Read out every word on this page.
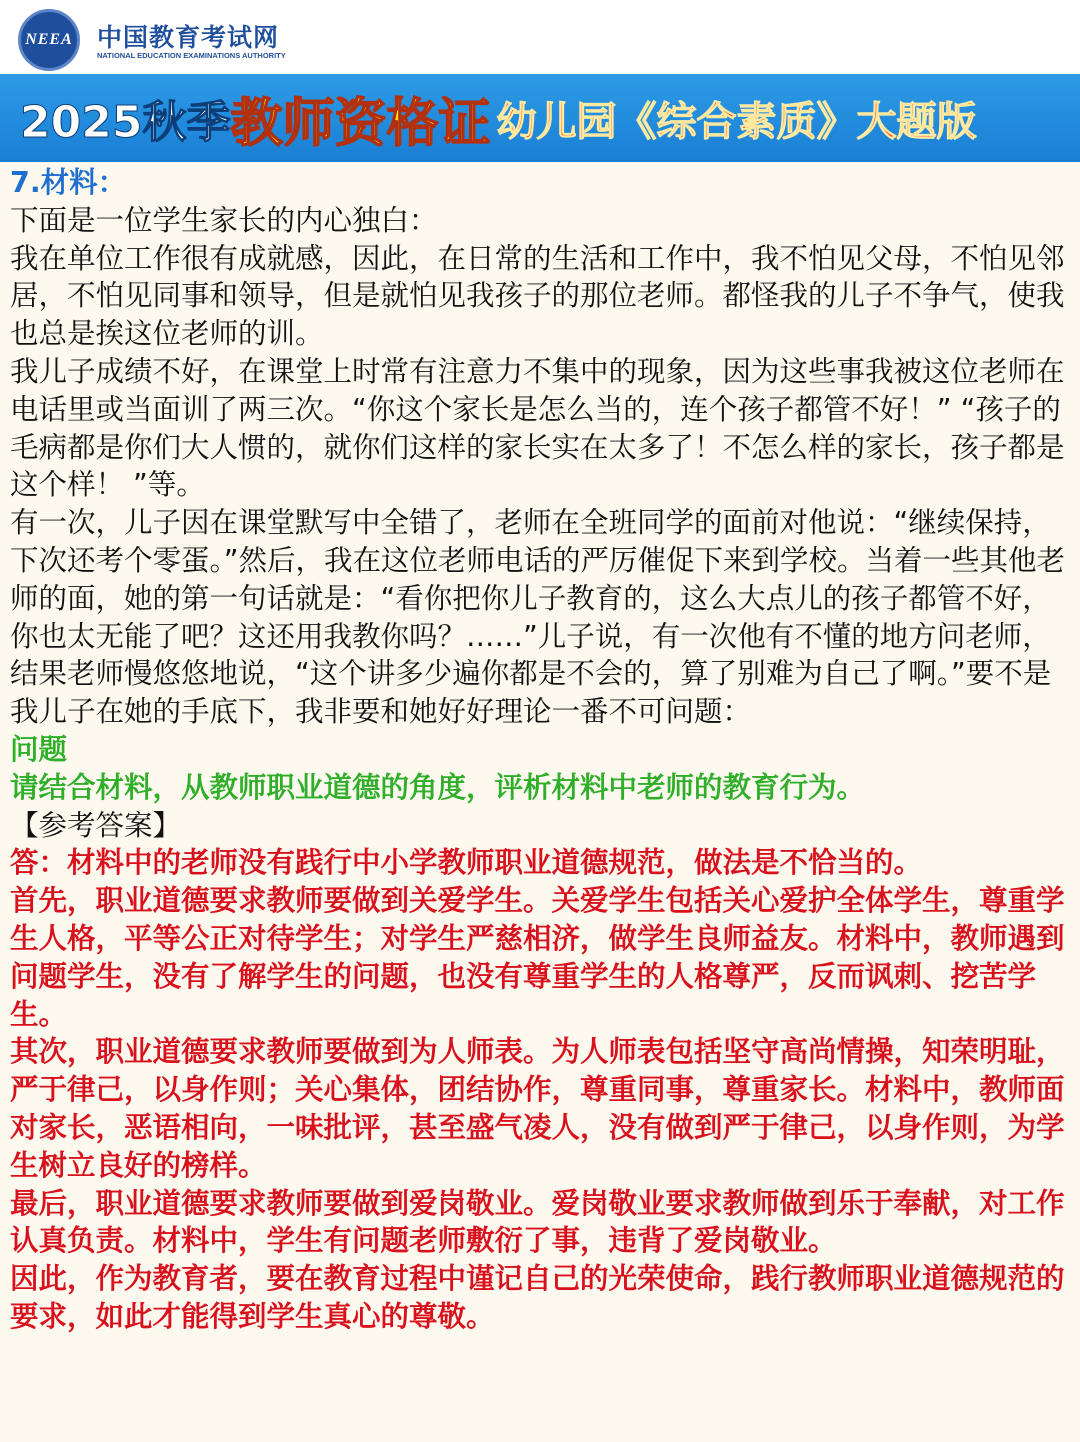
NEEA 中国教育考试网
NATIONAL EDUCATION EXAMINATIONS AUTHORITY
2025秋季 教师资格证 幼儿园《综合素质》大题版

7.材料：

下面是一位学生家长的内心独白：

我在单位工作很有成就感，因此，在日常的生活和工作中，我不怕见父母，不怕见邻居，不怕见同事和领导，但是就怕见我孩子的那位老师。都怪我的儿子不争气，使我也总是挨这位老师的训。

我儿子成绩不好，在课堂上时常有注意力不集中的现象，因为这些事我被这位老师在电话里或当面训了两三次。“你这个家长是怎么当的，连个孩子都管不好！” “孩子的毛病都是你们大人惯的，就你们这样的家长实在太多了！不怎么样的家长，孩子都是这个样！ ”等。

有一次，儿子因在课堂默写中全错了，老师在全班同学的面前对他说：“继续保持，下次还考个零蛋。”然后，我在这位老师电话的严厉催促下来到学校。当着一些其他老师的面，她的第一句话就是：“看你把你儿子教育的，这么大点儿的孩子都管不好，你也太无能了吧？这还用我教你吗？……”儿子说，有一次他有不懂的地方问老师，结果老师慢悠悠地说，“这个讲多少遍你都是不会的，算了别难为自己了啊。”要不是我儿子在她的手底下，我非要和她好好理论一番不可问题：

问题

请结合材料，从教师职业道德的角度，评析材料中老师的教育行为。

【参考答案】

答：材料中的老师没有践行中小学教师职业道德规范，做法是不恰当的。

首先，职业道德要求教师要做到关爱学生。关爱学生包括关心爱护全体学生，尊重学生人格，平等公正对待学生；对学生严慈相济，做学生良师益友。材料中，教师遇到问题学生，没有了解学生的问题，也没有尊重学生的人格尊严，反而讽刺、挖苦学生。

其次，职业道德要求教师要做到为人师表。为人师表包括坚守高尚情操，知荣明耻，严于律己，以身作则；关心集体，团结协作，尊重同事，尊重家长。材料中，教师面对家长，恶语相向，一味批评，甚至盛气凌人，没有做到严于律己，以身作则，为学生树立良好的榜样。

最后，职业道德要求教师要做到爱岗敬业。爱岗敬业要求教师做到乐于奉献，对工作认真负责。材料中，学生有问题老师敷衍了事，违背了爱岗敬业。

因此，作为教育者，要在教育过程中谨记自己的光荣使命，践行教师职业道德规范的要求，如此才能得到学生真心的尊敬。
